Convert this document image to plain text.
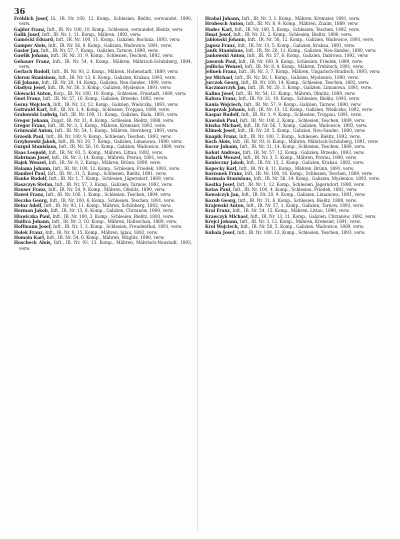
36

Fröhlich Josef, Iü., IR. Nr. 100, 12. Komp., Schlesien, Bielitz, verwundet, 1890, verw.

Gajdor Franz, Inft., IR. Nr. 100, 10. Komp., Schlesien, verwundet, Bielitz, verw.

Galik Josef, Inft., IR. Nr. 1, 11. Komp., Mähren, 1892, verw.

Gamócki Eduard, Inft., IR. Nr. 100, 11. Komp., Galizien, Bochnia, 1893, verw.

Gamper Alois, Inft., IR. Nr. 56, 8. Komp., Galizien, Wadowice, 1891, verw.

Gasior Jan, Inft., IR. Nr. 57, 7. Komp., Galizien, Tarnow, 1890, verw.

Gawlik Johann, Inft., IR. Nr. 31, 9. Komp., Schlesien, Teschen, 1892, verw.

Gebauer Franz, Inft., IR. Nr. 54, 4. Komp., Mähren, Mährisch-Schönberg, 1894, verw.

Gerlach Rudolf, Inft., IR. Nr. 93, 2. Komp., Mähren, Hohenstadt, 1889, verw.

Gieron Stanislaus, Inft., IR. Nr. 13, 6. Komp., Galizien, Krakau, 1893, verw.

Gil Johann, Inft., IR. Nr. 20, 14. Komp., Galizien, Neu-Sandec, 1890, verw.

Gladysz Josef, Inft., IR. Nr. 56, 3. Komp., Galizien, Myslenice, 1891, verw.

Glowacki Anton, Korp., IR. Nr. 100, 10. Komp., Schlesien, Freistadt, 1889, verw.

Gnot Franz, Inft., IR. Nr. 57, 16. Komp., Galizien, Brzesko, 1892, verw.

Gorny Wojciech, Inft., IR. Nr. 13, 12. Komp., Galizien, Wieliczka, 1893, verw.

Gottwald Karl, Inft., IR. Nr. 1, 4. Komp., Schlesien, Troppau, 1890, verw.

Grabowski Ludwig, Inft., IR. Nr. 100, 11. Komp., Galizien, Biala, 1891, verw.

Greger Johann, Zugsf., IR. Nr. 31, 8. Komp., Schlesien, Bielitz, 1888, verw.

Gregor Franz, Inft., IR. Nr. 3, 3. Komp., Mähren, Kremsier, 1892, verw.

Grünwald Anton, Inft., IR. Nr. 54, 1. Komp., Mähren, Sternberg, 1891, verw.

Grzesik Paul, Inft., IR. Nr. 100, 9. Komp., Schlesien, Teschen, 1893, verw.

Grzybowski Jakob, Inft., IR. Nr. 20, 7. Komp., Galizien, Limanowa, 1890, verw.

Gurgul Stanislaus, Inft., IR. Nr. 56, 10. Komp., Galizien, Wadowice, 1889, verw.

Haas Leopold, Inft., IR. Nr. 93, 5. Komp., Mähren, Littau, 1892, verw.

Habrman Josef, Inft., IR. Nr. 3, 14. Komp., Mähren, Prerau, 1891, verw.

Hajek Wenzel, Inft., IR. Nr. 8, 2. Komp., Mähren, Brünn, 1890, verw.

Halama Johann, Inft., IR. Nr. 100, 12. Komp., Schlesien, Friedek, 1893, verw.

Handzel Paul, Inft., IR. Nr. 31, 5. Komp., Schlesien, Bielitz, 1891, verw.

Hanke Rudolf, Inft., IR. Nr. 1, 7. Komp., Schlesien, Jägerndorf, 1889, verw.

Haszczyn Stefan, Inft., IR. Nr. 57, 3. Komp., Galizien, Tarnow, 1892, verw.

Hauser Franz, Inft., IR. Nr. 54, 9. Komp., Mähren, Olmütz, 1890, verw.

Hawel Franz, Inft., IR. Nr. 100, 1. Komp., Schlesien, Teschen, 1894, verw.

Heczko Georg, Inft., IR. Nr. 100, 6. Komp., Schlesien, Teschen, 1891, verw.

Heinz Adolf, Inft., IR. Nr. 93, 11. Komp., Mähren, Schönberg, 1892, verw.

Herman Jakob, Inft., IR. Nr. 13, 8. Komp., Galizien, Chrzanów, 1890, verw.

Hlawiczka Paul, Inft., IR. Nr. 100, 3. Komp., Schlesien, Bielitz, 1893, verw.

Hnilica Johann, Inft., IR. Nr. 3, 10. Komp., Mähren, Holleschau, 1889, verw.

Hoffmann Josef, Inft., IR. Nr. 1, 2. Komp., Schlesien, Freudenthal, 1891, verw.

Holek Franz, Inft., IR. Nr. 8, 15. Komp., Mähren, Iglau, 1892, verw.

Homola Karl, Inft., IR. Nr. 54, 6. Komp., Mähren, Müglitz, 1890, verw.

Hoscheck Alois, Inft., IR. Nr. 93, 13. Komp., Mähren, Mährisch-Neustadt, 1893, verw.

Hrabal Johann, Inft., IR. Nr. 3, 1. Komp., Mähren, Kremsier, 1891, verw.

Hrubesch Anton, Inft., IR. Nr. 8, 9. Komp., Mähren, Znaim, 1889, verw.

Hudec Karl, Inft., IR. Nr. 100, 5. Komp., Schlesien, Teschen, 1892, verw.

Ihnat Josef, Inft., IR. Nr. 31, 2. Komp., Schlesien, Bielitz, 1890, verw.

Jablonski Johann, Inft., IR. Nr. 56, 12. Komp., Galizien, Wadowice, 1893, verw.

Jagosz Franz, Inft., IR. Nr. 13, 5. Komp., Galizien, Krakau, 1891, verw.

Janik Stanislaus, Inft., IR. Nr. 20, 11. Komp., Galizien, Neu-Sandec, 1890, verw.

Jankowski Anton, Inft., IR. Nr. 57, 6. Komp., Galizien, Dabrowa, 1892, verw.

Jaworek Paul, Inft., IR. Nr. 100, 8. Komp., Schlesien, Friedek, 1889, verw.

Jedlicka Wenzel, Inft., IR. Nr. 8, 4. Komp., Mähren, Trebitsch, 1891, verw.

Jelinek Franz, Inft., IR. Nr. 3, 7. Komp., Mähren, Ungarisch-Hradisch, 1893, verw.

Jez Michael, Inft., IR. Nr. 56, 1. Komp., Galizien, Myslenice, 1890, verw.

Jurczok Georg, Inft., IR. Nr. 100, 14. Komp., Schlesien, Teschen, 1892, verw.

Kaczmarczyk Jan, Inft., IR. Nr. 20, 3. Komp., Galizien, Limanowa, 1891, verw.

Kalina Josef, Inft., IR. Nr. 54, 12. Komp., Mähren, Olmütz, 1889, verw.

Kaluza Franz, Inft., IR. Nr. 31, 10. Komp., Schlesien, Bielitz, 1893, verw.

Kania Wojciech, Inft., IR. Nr. 57, 9. Komp., Galizien, Tarnow, 1890, verw.

Kasprzak Johann, Inft., IR. Nr. 13, 15. Komp., Galizien, Wieliczka, 1892, verw.

Kaspar Rudolf, Inft., IR. Nr. 1, 9. Komp., Schlesien, Troppau, 1891, verw.

Kawulok Paul, Inft., IR. Nr. 100, 2. Komp., Schlesien, Teschen, 1889, verw.

Kiszka Michael, Inft., IR. Nr. 56, 7. Komp., Galizien, Wadowice, 1893, verw.

Klimek Josef, Inft., IR. Nr. 20, 5. Komp., Galizien, Neu-Sandec, 1890, verw.

Knapik Franz, Inft., IR. Nr. 100, 7. Komp., Schlesien, Bielitz, 1892, verw.

Koch Alois, Inft., IR. Nr. 93, 8. Komp., Mähren, Mährisch-Schönberg, 1891, verw.

Kocur Johann, Inft., IR. Nr. 31, 14. Komp., Schlesien, Teschen, 1889, verw.

Kohut Andreas, Inft., IR. Nr. 57, 12. Komp., Galizien, Brzesko, 1893, verw.

Kolarik Wenzel, Inft., IR. Nr. 3, 5. Komp., Mähren, Prerau, 1890, verw.

Konieczny Jakob, Inft., IR. Nr. 13, 2. Komp., Galizien, Krakau, 1892, verw.

Kopecky Karl, Inft., IR. Nr. 8, 11. Komp., Mähren, Brünn, 1891, verw.

Korzonek Franz, Inft., IR. Nr. 100, 16. Komp., Schlesien, Teschen, 1889, verw.

Kosmala Stanislaus, Inft., IR. Nr. 56, 14. Komp., Galizien, Myslenice, 1893, verw.

Kostka Josef, Inft., IR. Nr. 1, 12. Komp., Schlesien, Jägerndorf, 1890, verw.

Kotas Paul, Inft., IR. Nr. 100, 4. Komp., Schlesien, Friedek, 1892, verw.

Kowalczyk Jan, Inft., IR. Nr. 20, 9. Komp., Galizien, Limanowa, 1891, verw.

Kozub Georg, Inft., IR. Nr. 31, 6. Komp., Schlesien, Bielitz, 1889, verw.

Krajewski Anton, Inft., IR. Nr. 57, 1. Komp., Galizien, Tarnow, 1893, verw.

Kral Franz, Inft., IR. Nr. 54, 15. Komp., Mähren, Littau, 1890, verw.

Krawczyk Michael, Inft., IR. Nr. 13, 11. Komp., Galizien, Chrzanów, 1892, verw.

Krejci Johann, Inft., IR. Nr. 3, 12. Komp., Mähren, Kremsier, 1891, verw.

Krol Wojciech, Inft., IR. Nr. 56, 5. Komp., Galizien, Wadowice, 1889, verw.

Kubala Josef, Inft., IR. Nr. 100, 13. Komp., Schlesien, Teschen, 1893, verw.
